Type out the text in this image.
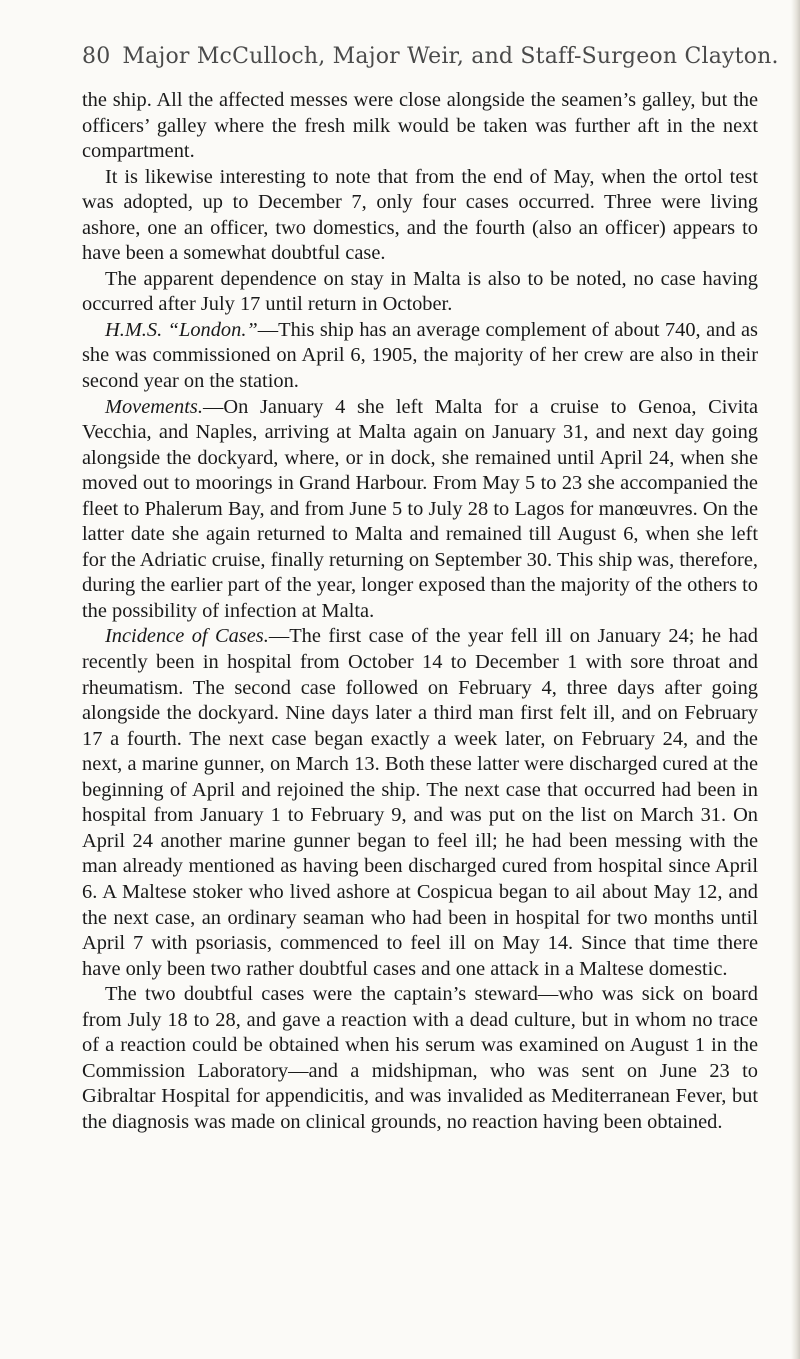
80 Major McCulloch, Major Weir, and Staff-Surgeon Clayton.

the ship. All the affected messes were close alongside the seamen’s galley, but the officers’ galley where the fresh milk would be taken was further aft in the next compartment.

It is likewise interesting to note that from the end of May, when the ortol test was adopted, up to December 7, only four cases occurred. Three were living ashore, one an officer, two domestics, and the fourth (also an officer) appears to have been a somewhat doubtful case.

The apparent dependence on stay in Malta is also to be noted, no case having occurred after July 17 until return in October.

H.M.S. “London.”—This ship has an average complement of about 740, and as she was commissioned on April 6, 1905, the majority of her crew are also in their second year on the station.

Movements.—On January 4 she left Malta for a cruise to Genoa, Civita Vecchia, and Naples, arriving at Malta again on January 31, and next day going alongside the dockyard, where, or in dock, she remained until April 24, when she moved out to moorings in Grand Harbour. From May 5 to 23 she accompanied the fleet to Phalerum Bay, and from June 5 to July 28 to Lagos for manœuvres. On the latter date she again returned to Malta and remained till August 6, when she left for the Adriatic cruise, finally returning on September 30. This ship was, therefore, during the earlier part of the year, longer exposed than the majority of the others to the possibility of infection at Malta.

Incidence of Cases.—The first case of the year fell ill on January 24; he had recently been in hospital from October 14 to December 1 with sore throat and rheumatism. The second case followed on February 4, three days after going alongside the dockyard. Nine days later a third man first felt ill, and on February 17 a fourth. The next case began exactly a week later, on February 24, and the next, a marine gunner, on March 13. Both these latter were discharged cured at the beginning of April and rejoined the ship. The next case that occurred had been in hospital from January 1 to February 9, and was put on the list on March 31. On April 24 another marine gunner began to feel ill; he had been messing with the man already mentioned as having been discharged cured from hospital since April 6. A Maltese stoker who lived ashore at Cospicua began to ail about May 12, and the next case, an ordinary seaman who had been in hospital for two months until April 7 with psoriasis, commenced to feel ill on May 14. Since that time there have only been two rather doubtful cases and one attack in a Maltese domestic.

The two doubtful cases were the captain’s steward—who was sick on board from July 18 to 28, and gave a reaction with a dead culture, but in whom no trace of a reaction could be obtained when his serum was examined on August 1 in the Commission Laboratory—and a midshipman, who was sent on June 23 to Gibraltar Hospital for appendicitis, and was invalided as Mediterranean Fever, but the diagnosis was made on clinical grounds, no reaction having been obtained.
